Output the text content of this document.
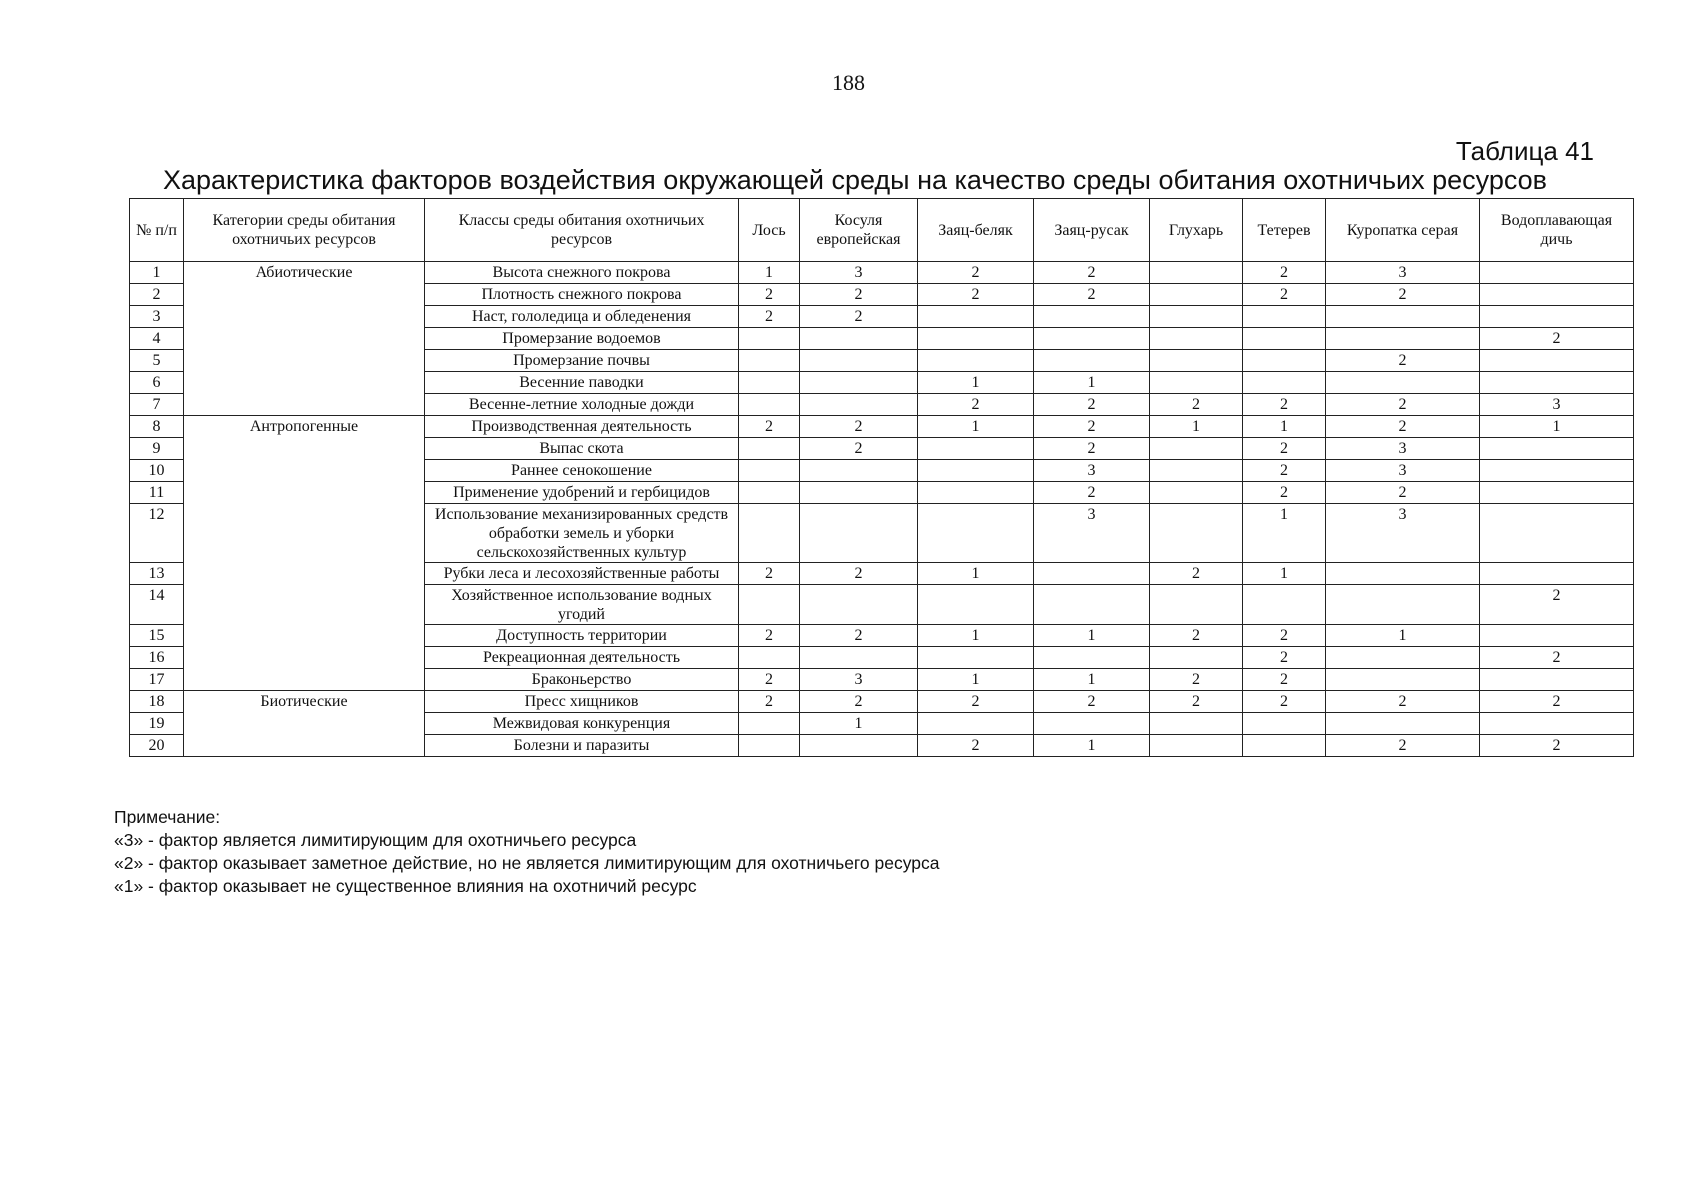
188
Таблица 41
Характеристика факторов воздействия окружающей среды на качество среды обитания охотничьих ресурсов
№ п/п	Категории среды обитания охотничьих ресурсов	Классы среды обитания охотничьих ресурсов	Лось	Косуля европейская	Заяц-беляк	Заяц-русак	Глухарь	Тетерев	Куропатка серая	Водоплавающая дичь
1	Абиотические	Высота снежного покрова	1	3	2	2		2	3	
2		Плотность снежного покрова	2	2	2	2		2	2	
3		Наст, гололедица и обледенения	2	2						
4		Промерзание водоемов								2
5		Промерзание почвы							2	
6		Весенние паводки			1	1				
7		Весенне-летние холодные дожди			2	2	2	2	2	3
8	Антропогенные	Производственная деятельность	2	2	1	2	1	1	2	1
9		Выпас скота		2		2		2	3	
10		Раннее сенокошение				3		2	3	
11		Применение удобрений и гербицидов				2		2	2	
12		Использование механизированных средств обработки земель и уборки сельскохозяйственных культур				3		1	3	
13		Рубки леса и лесохозяйственные работы	2	2	1		2	1		
14		Хозяйственное использование водных угодий								2
15		Доступность территории	2	2	1	1	2	2	1	
16		Рекреационная деятельность						2		2
17		Браконьерство	2	3	1	1	2	2		
18	Биотические	Пресс хищников	2	2	2	2	2	2	2	2
19		Межвидовая конкуренция		1						
20		Болезни и паразиты			2	1			2	2
Примечание:
«3» - фактор является лимитирующим для охотничьего ресурса
«2» - фактор оказывает заметное действие, но не является лимитирующим для охотничьего ресурса
«1» - фактор оказывает не существенное влияния на охотничий ресурс
